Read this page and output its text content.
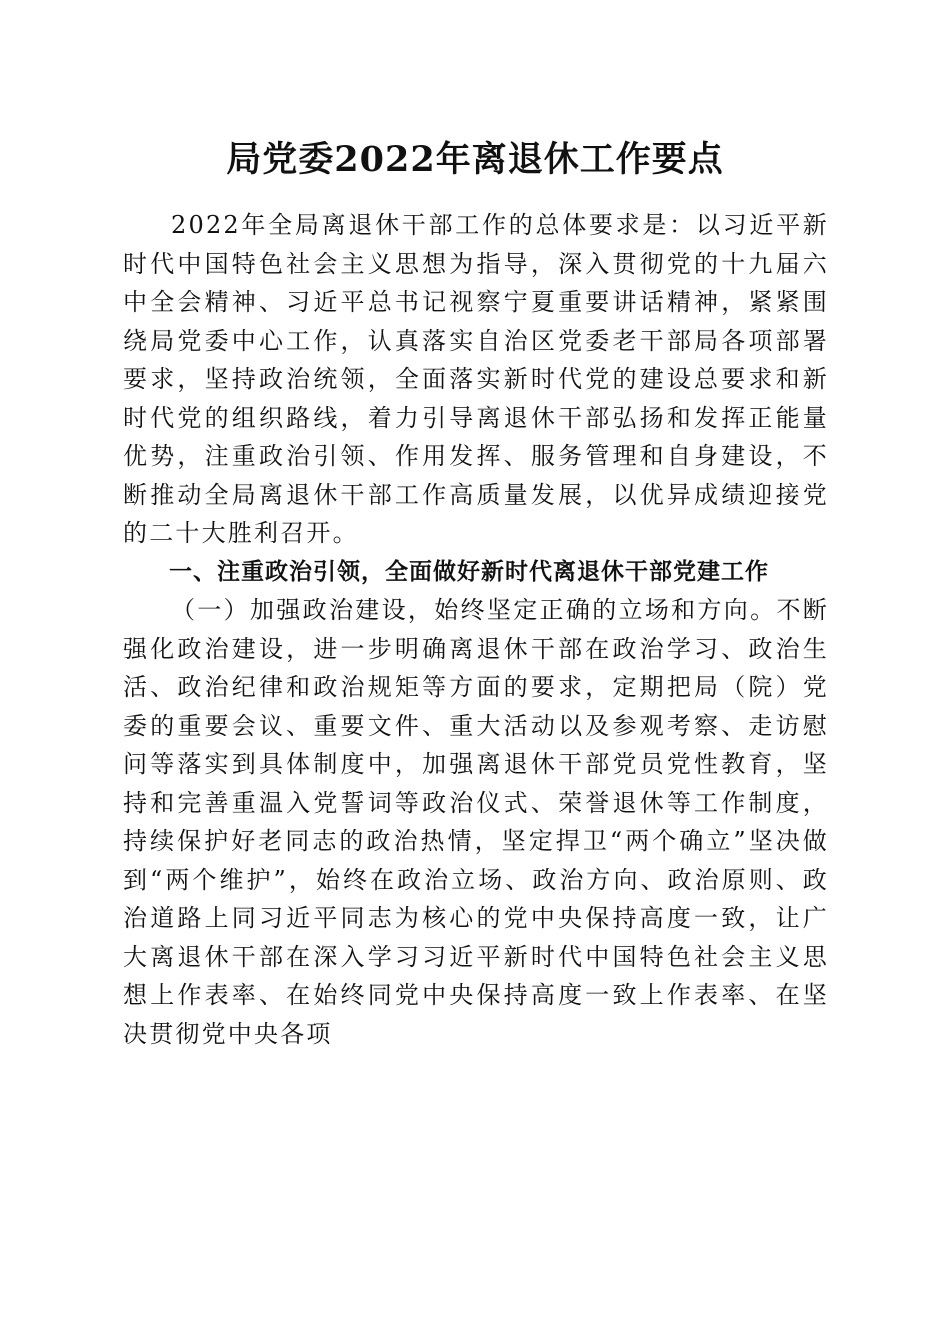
局党委2022年离退休工作要点

2022年全局离退休干部工作的总体要求是：以习近平新时代中国特色社会主义思想为指导，深入贯彻党的十九届六中全会精神、习近平总书记视察宁夏重要讲话精神，紧紧围绕局党委中心工作，认真落实自治区党委老干部局各项部署要求，坚持政治统领，全面落实新时代党的建设总要求和新时代党的组织路线，着力引导离退休干部弘扬和发挥正能量优势，注重政治引领、作用发挥、服务管理和自身建设，不断推动全局离退休干部工作高质量发展，以优异成绩迎接党的二十大胜利召开。

一、注重政治引领，全面做好新时代离退休干部党建工作

（一）加强政治建设，始终坚定正确的立场和方向。不断强化政治建设，进一步明确离退休干部在政治学习、政治生活、政治纪律和政治规矩等方面的要求，定期把局（院）党委的重要会议、重要文件、重大活动以及参观考察、走访慰问等落实到具体制度中，加强离退休干部党员党性教育，坚持和完善重温入党誓词等政治仪式、荣誉退休等工作制度，持续保护好老同志的政治热情，坚定捍卫“两个确立”坚决做到“两个维护”，始终在政治立场、政治方向、政治原则、政治道路上同习近平同志为核心的党中央保持高度一致，让广大离退休干部在深入学习习近平新时代中国特色社会主义思想上作表率、在始终同党中央保持高度一致上作表率、在坚决贯彻党中央各项
